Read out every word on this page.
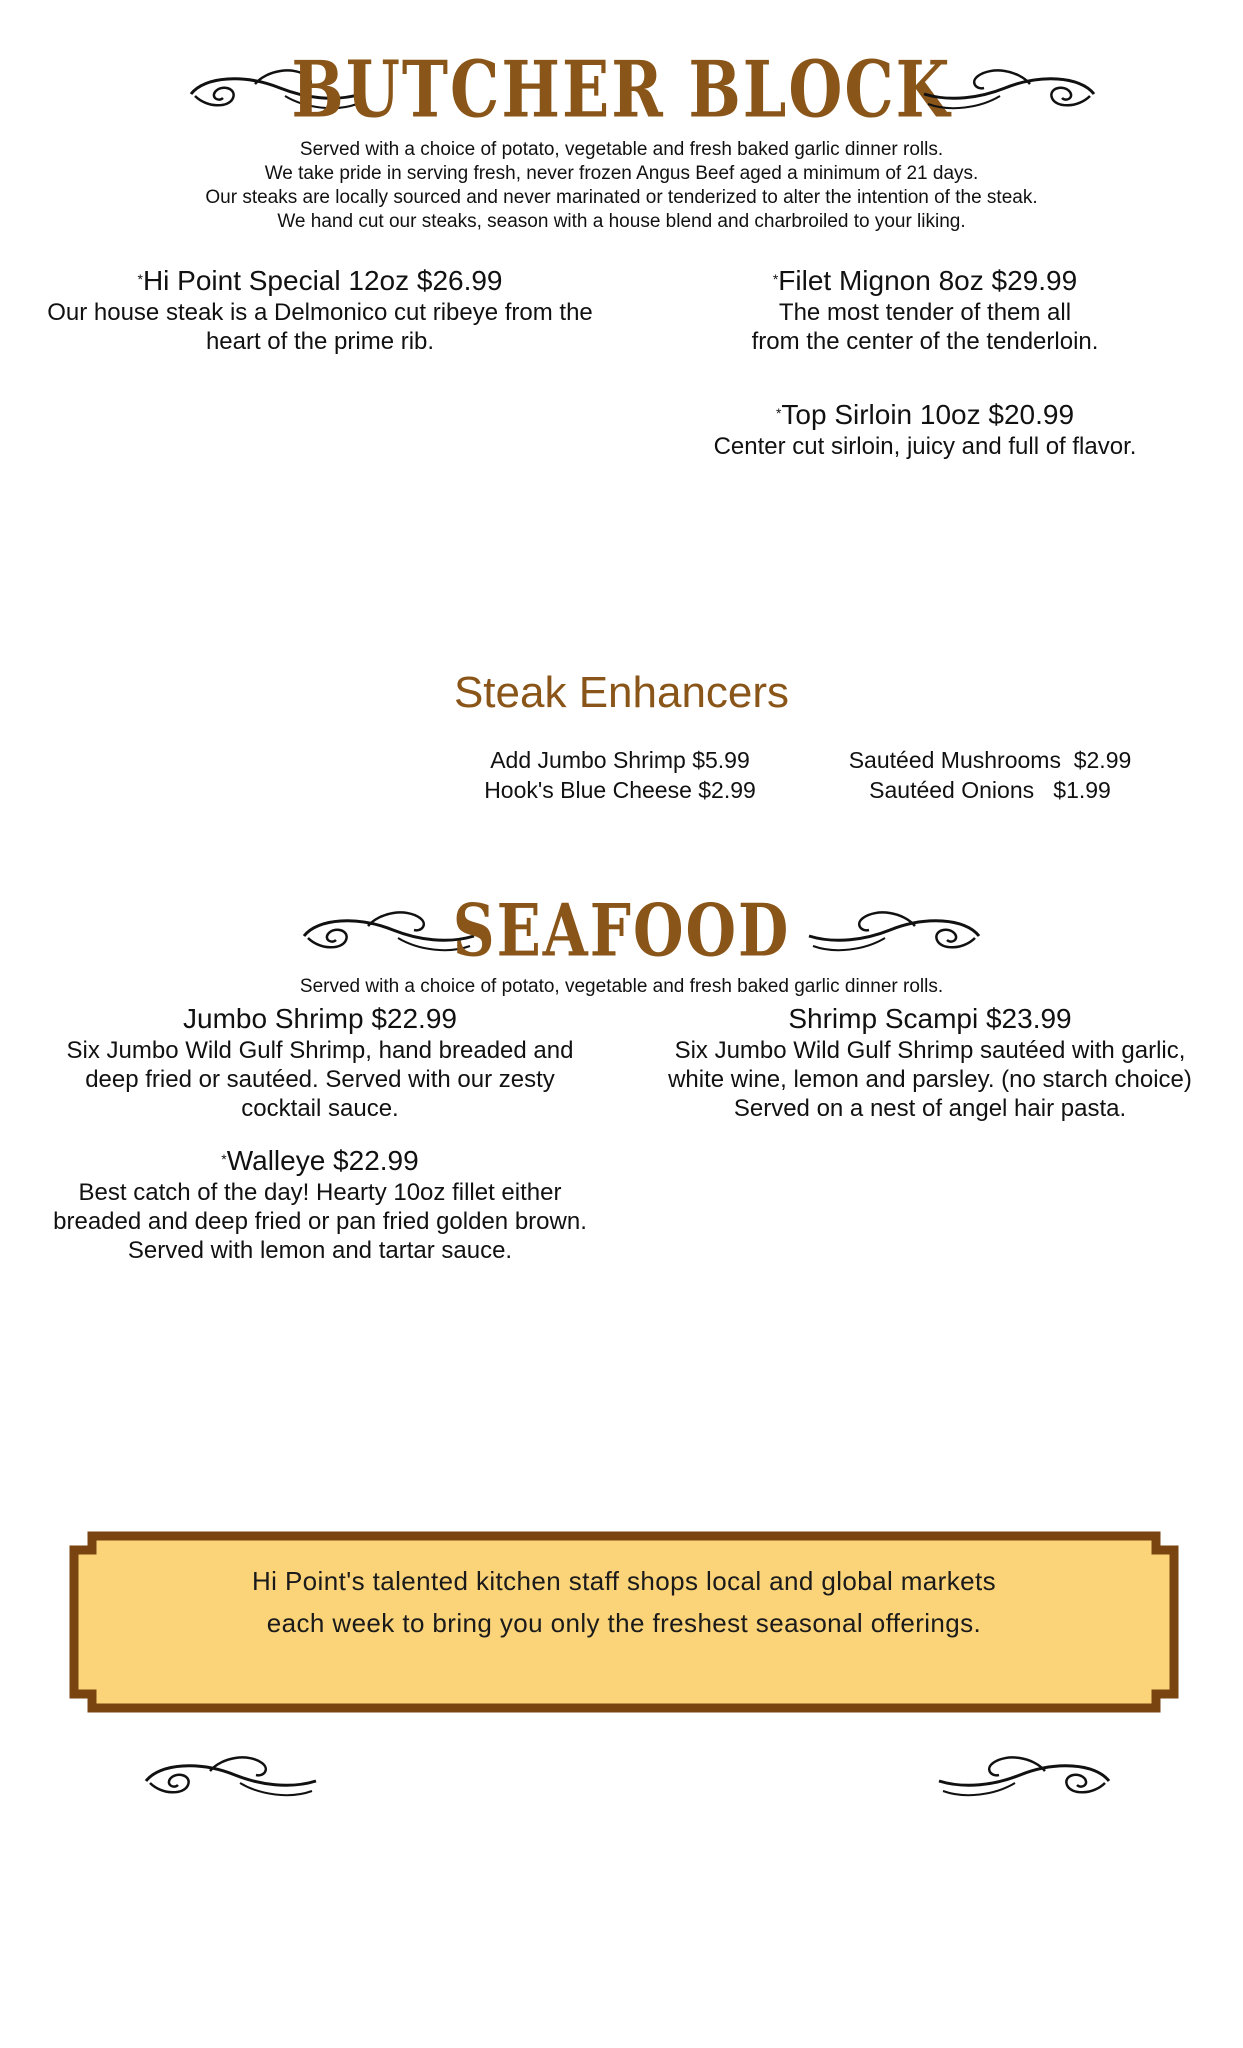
BUTCHER BLOCK
Served with a choice of potato, vegetable and fresh baked garlic dinner rolls.
We take pride in serving fresh, never frozen Angus Beef aged a minimum of 21 days.
Our steaks are locally sourced and never marinated or tenderized to alter the intention of the steak.
We hand cut our steaks, season with a house blend and charbroiled to your liking.
*Hi Point Special 12oz $26.99
Our house steak is a Delmonico cut ribeye from the
heart of the prime rib.
*Filet Mignon 8oz $29.99
The most tender of them all
from the center of the tenderloin.
*Top Sirloin 10oz $20.99
Center cut sirloin, juicy and full of flavor.
Steak Enhancers
Add Jumbo Shrimp $5.99
Hook's Blue Cheese $2.99
Sautéed Mushrooms  $2.99
Sautéed Onions   $1.99
SEAFOOD
Served with a choice of potato, vegetable and fresh baked garlic dinner rolls.
Jumbo Shrimp $22.99
Six Jumbo Wild Gulf Shrimp, hand breaded and
deep fried or sautéed. Served with our zesty
cocktail sauce.
Shrimp Scampi $23.99
Six Jumbo Wild Gulf Shrimp sautéed with garlic,
white wine, lemon and parsley. (no starch choice)
Served on a nest of angel hair pasta.
*Walleye $22.99
Best catch of the day! Hearty 10oz fillet either
breaded and deep fried or pan fried golden brown.
Served with lemon and tartar sauce.
Hi Point's talented kitchen staff shops local and global markets
each week to bring you only the freshest seasonal offerings.
